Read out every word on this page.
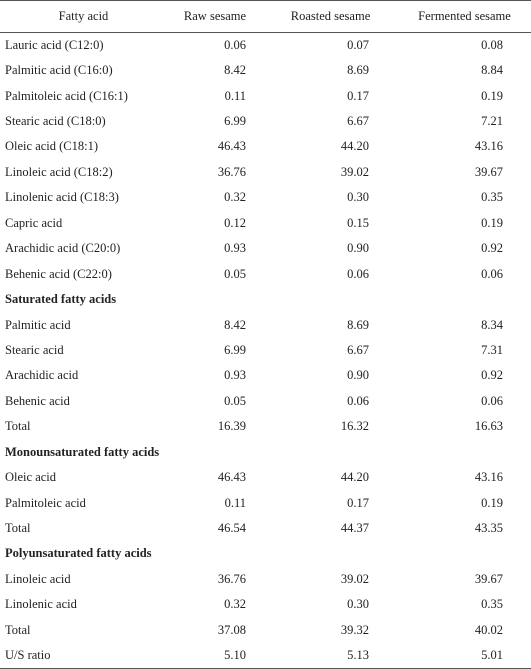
Fatty acid	Raw sesame	Roasted sesame	Fermented sesame
Lauric acid (C12:0)	0.06	0.07	0.08
Palmitic acid (C16:0)	8.42	8.69	8.84
Palmitoleic acid (C16:1)	0.11	0.17	0.19
Stearic acid (C18:0)	6.99	6.67	7.21
Oleic acid (C18:1)	46.43	44.20	43.16
Linoleic acid (C18:2)	36.76	39.02	39.67
Linolenic acid (C18:3)	0.32	0.30	0.35
Capric acid	0.12	0.15	0.19
Arachidic acid (C20:0)	0.93	0.90	0.92
Behenic acid (C22:0)	0.05	0.06	0.06
Saturated fatty acids			
Palmitic acid	8.42	8.69	8.34
Stearic acid	6.99	6.67	7.31
Arachidic acid	0.93	0.90	0.92
Behenic acid	0.05	0.06	0.06
Total	16.39	16.32	16.63
Monounsaturated fatty acids			
Oleic acid	46.43	44.20	43.16
Palmitoleic acid	0.11	0.17	0.19
Total	46.54	44.37	43.35
Polyunsaturated fatty acids			
Linoleic acid	36.76	39.02	39.67
Linolenic acid	0.32	0.30	0.35
Total	37.08	39.32	40.02
U/S ratio	5.10	5.13	5.01
